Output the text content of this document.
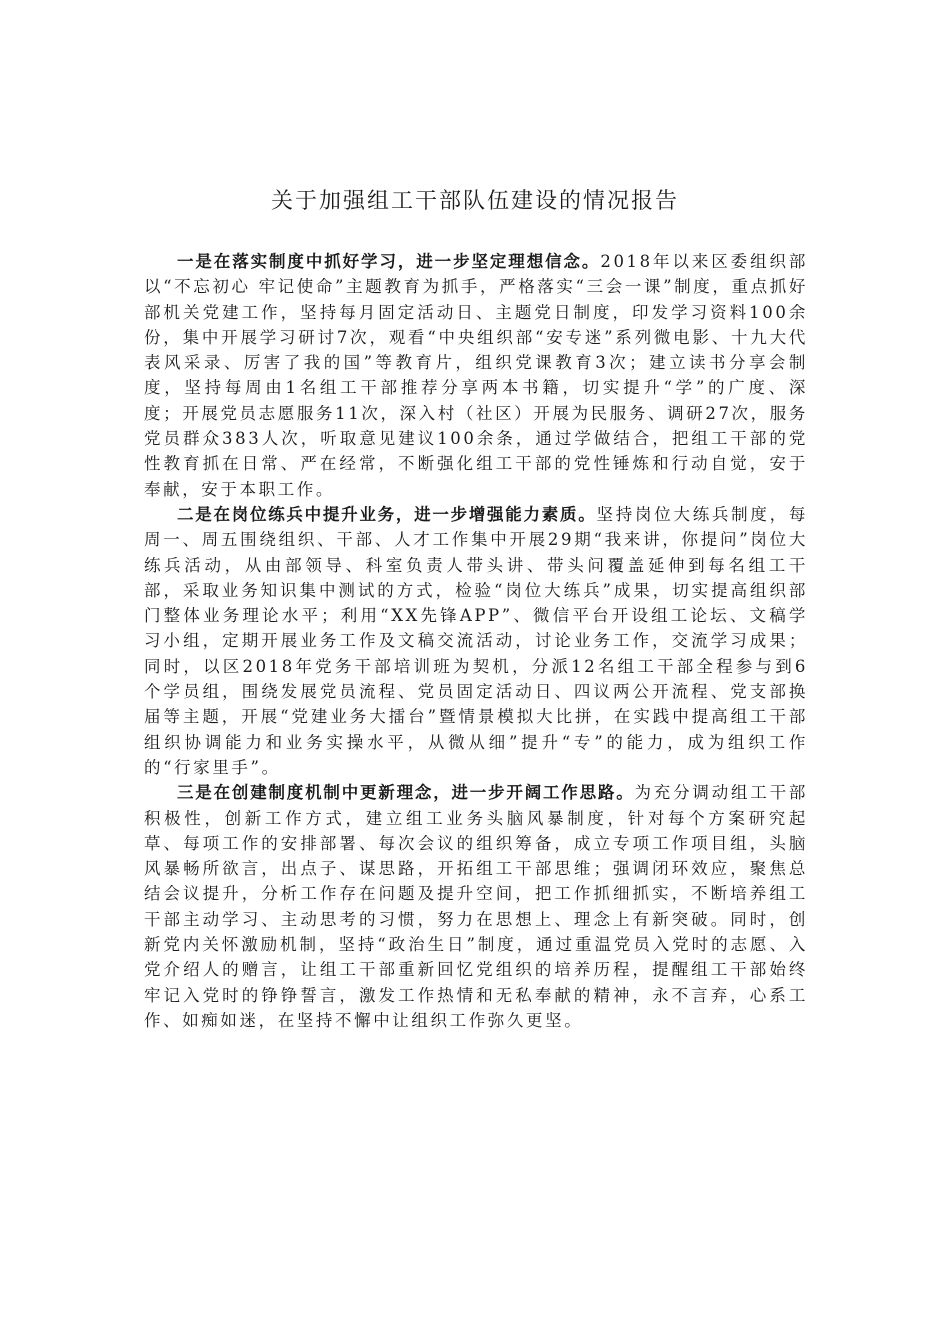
关于加强组工干部队伍建设的情况报告

一是在落实制度中抓好学习，进一步坚定理想信念。2018年以来区委组织部以“不忘初心 牢记使命”主题教育为抓手，严格落实“三会一课”制度，重点抓好部机关党建工作，坚持每月固定活动日、主题党日制度，印发学习资料100余份，集中开展学习研讨7次，观看“中央组织部“安专迷”系列微电影、十九大代表风采录、厉害了我的国”等教育片，组织党课教育3次；建立读书分享会制度，坚持每周由1名组工干部推荐分享两本书籍，切实提升“学”的广度、深度；开展党员志愿服务11次，深入村（社区）开展为民服务、调研27次，服务党员群众383人次，听取意见建议100余条，通过学做结合，把组工干部的党性教育抓在日常、严在经常，不断强化组工干部的党性锤炼和行动自觉，安于奉献，安于本职工作。

二是在岗位练兵中提升业务，进一步增强能力素质。坚持岗位大练兵制度，每周一、周五围绕组织、干部、人才工作集中开展29期“我来讲，你提问”岗位大练兵活动，从由部领导、科室负责人带头讲、带头问覆盖延伸到每名组工干部，采取业务知识集中测试的方式，检验“岗位大练兵”成果，切实提高组织部门整体业务理论水平；利用“XX先锋APP”、微信平台开设组工论坛、文稿学习小组，定期开展业务工作及文稿交流活动，讨论业务工作，交流学习成果；同时，以区2018年党务干部培训班为契机，分派12名组工干部全程参与到6个学员组，围绕发展党员流程、党员固定活动日、四议两公开流程、党支部换届等主题，开展“党建业务大擂台”暨情景模拟大比拼，在实践中提高组工干部组织协调能力和业务实操水平，从微从细”提升“专”的能力，成为组织工作的“行家里手”。

三是在创建制度机制中更新理念，进一步开阔工作思路。为充分调动组工干部积极性，创新工作方式，建立组工业务头脑风暴制度，针对每个方案研究起草、每项工作的安排部署、每次会议的组织筹备，成立专项工作项目组，头脑风暴畅所欲言，出点子、谋思路，开拓组工干部思维；强调闭环效应，聚焦总结会议提升，分析工作存在问题及提升空间，把工作抓细抓实，不断培养组工干部主动学习、主动思考的习惯，努力在思想上、理念上有新突破。同时，创新党内关怀激励机制，坚持“政治生日”制度，通过重温党员入党时的志愿、入党介绍人的赠言，让组工干部重新回忆党组织的培养历程，提醒组工干部始终牢记入党时的铮铮誓言，激发工作热情和无私奉献的精神，永不言弃，心系工作、如痴如迷，在坚持不懈中让组织工作弥久更坚。
